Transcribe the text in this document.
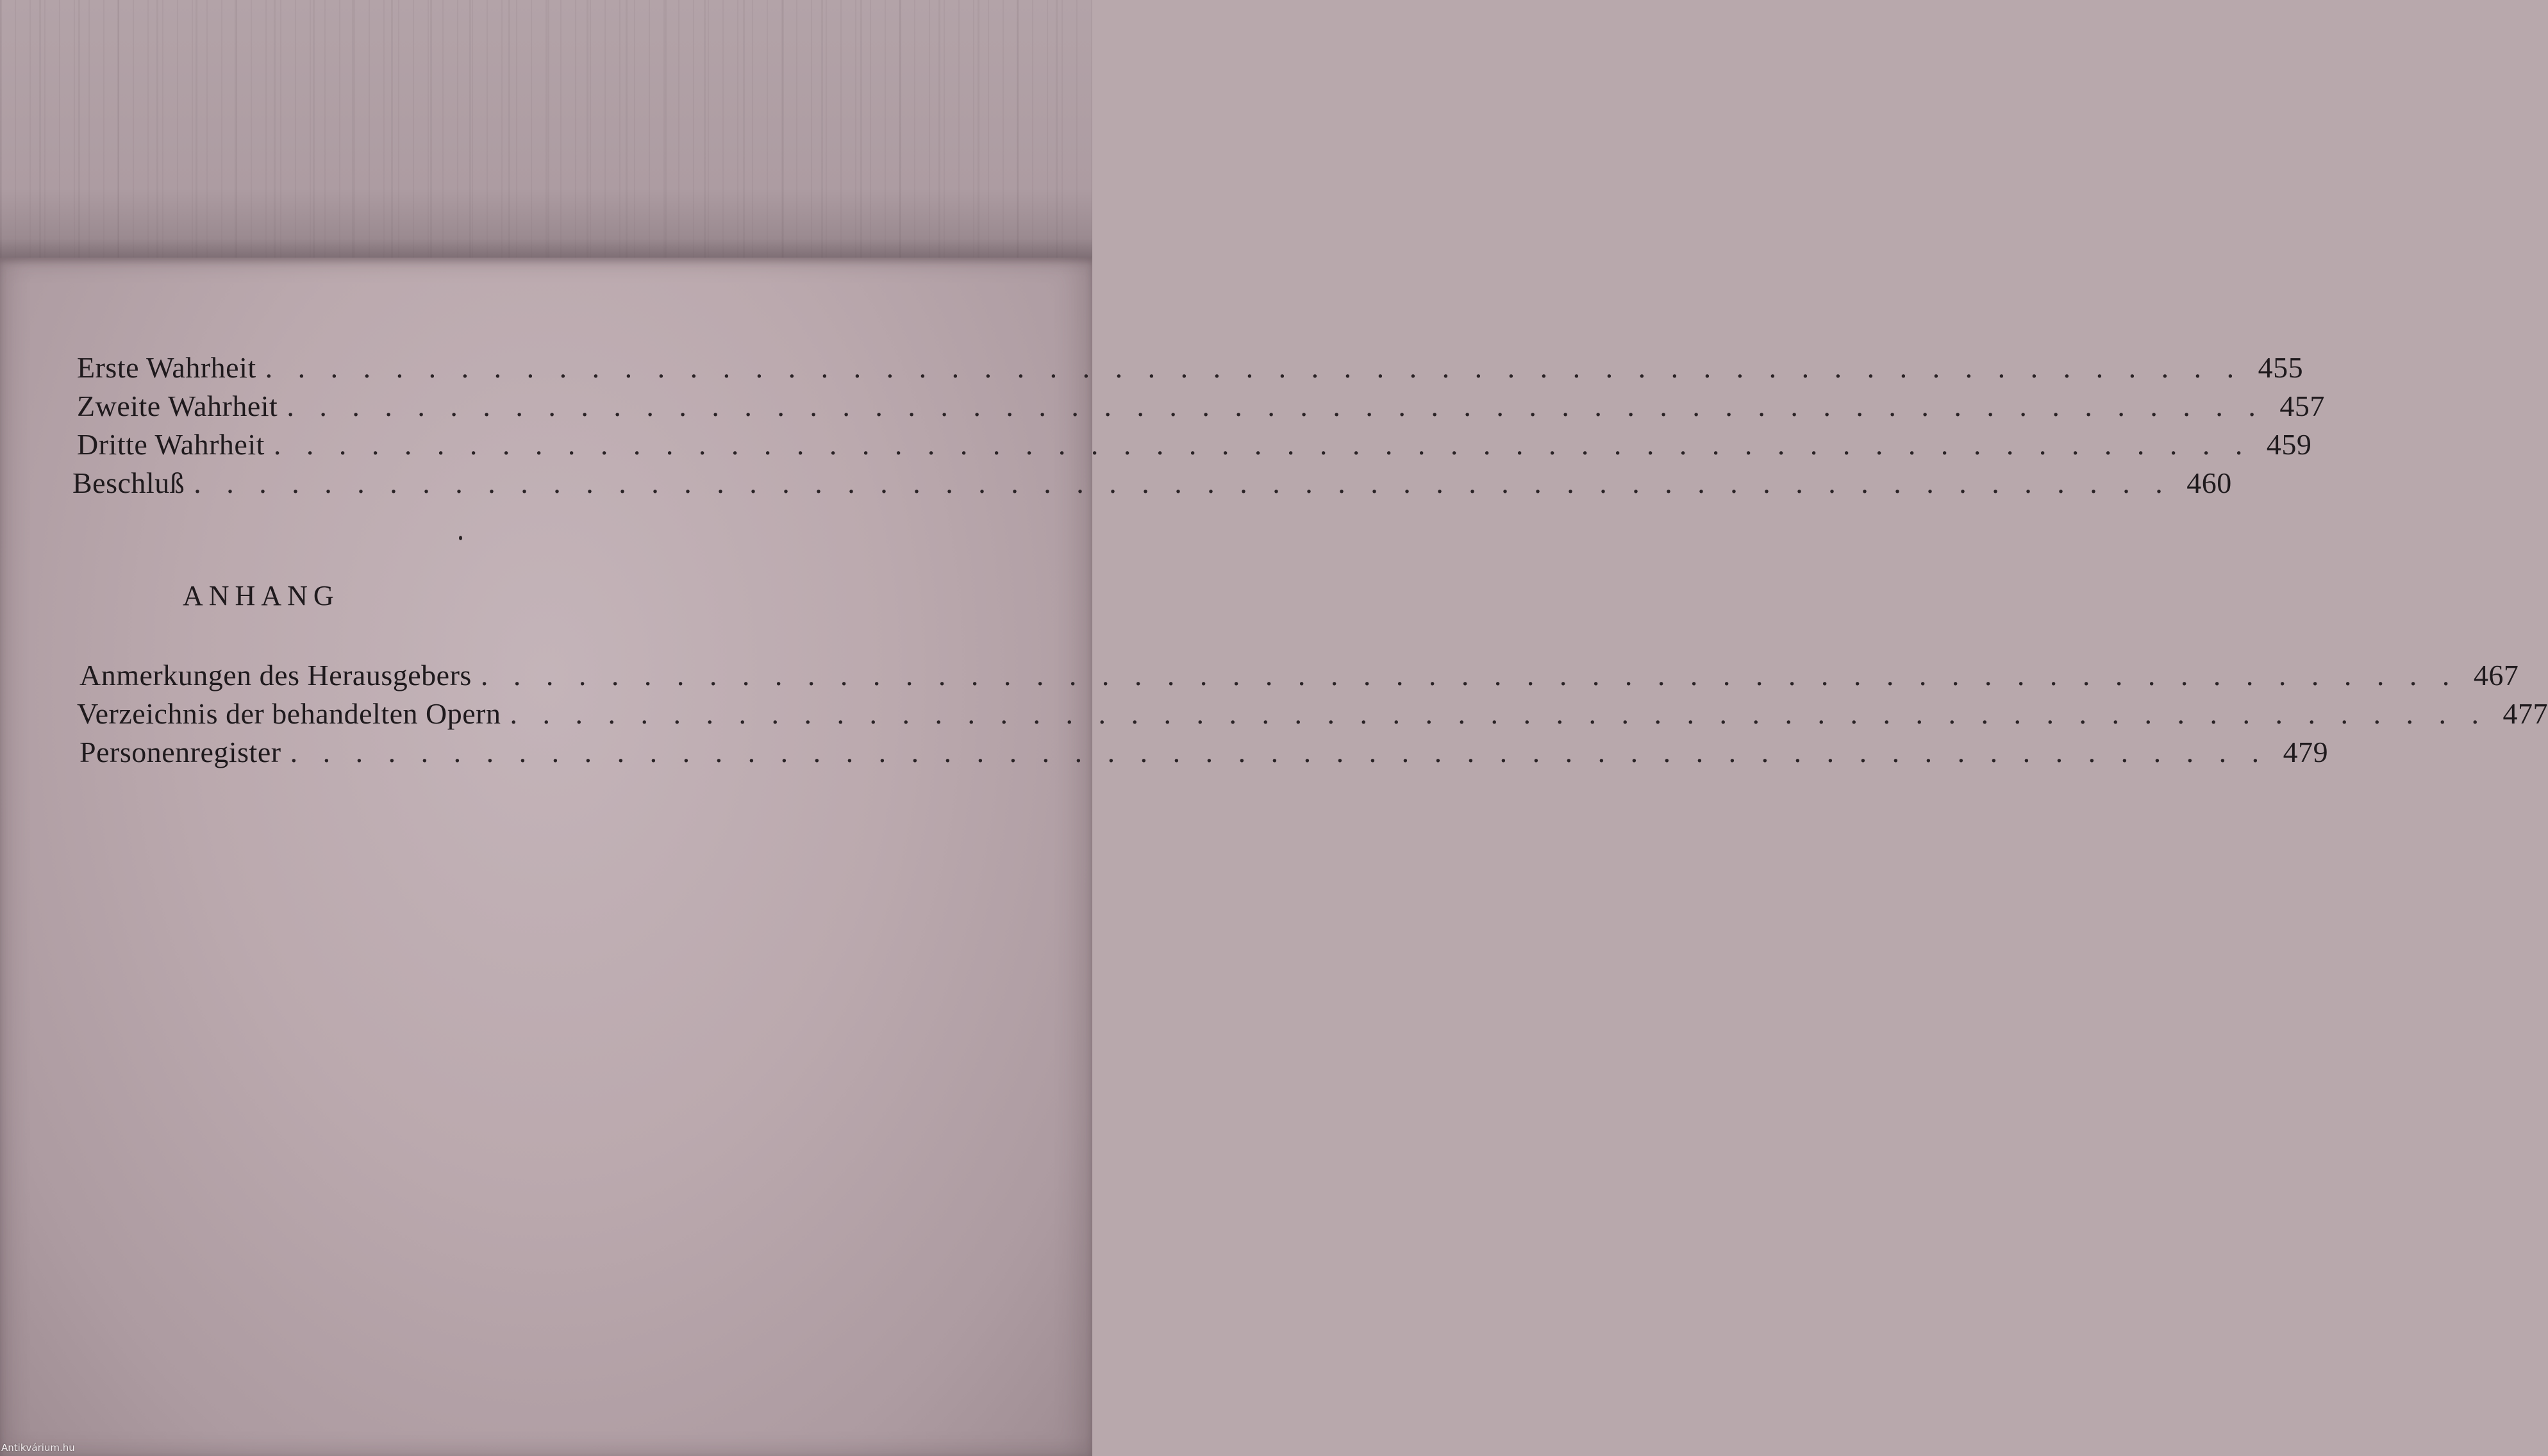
Erste Wahrheit . . . . . . . . . . . . . . . . . . . . . . . . . . . . . . . . . . . . . . . . . . . . . . . . . . . . . . . . . . . . . 455
Zweite Wahrheit . . . . . . . . . . . . . . . . . . . . . . . . . . . . . . . . . . . . . . . . . . . . . . . . . . . . . . . . . . . . . 457
Dritte Wahrheit . . . . . . . . . . . . . . . . . . . . . . . . . . . . . . . . . . . . . . . . . . . . . . . . . . . . . . . . . . . . . 459
Beschluß . . . . . . . . . . . . . . . . . . . . . . . . . . . . . . . . . . . . . . . . . . . . . . . . . . . . . . . . . . . . . 460
ANHANG
Anmerkungen des Herausgebers . . . . . . . . . . . . . . . . . . . . . . . . . . . . . . . . . . . . . . . . . . . . . . . . . . . . . . . . . . . . . 467
Verzeichnis der behandelten Opern . . . . . . . . . . . . . . . . . . . . . . . . . . . . . . . . . . . . . . . . . . . . . . . . . . . . . . . . . . . . . 477
Personenregister . . . . . . . . . . . . . . . . . . . . . . . . . . . . . . . . . . . . . . . . . . . . . . . . . . . . . . . . . . . . . 479
Antikvárium.hu
